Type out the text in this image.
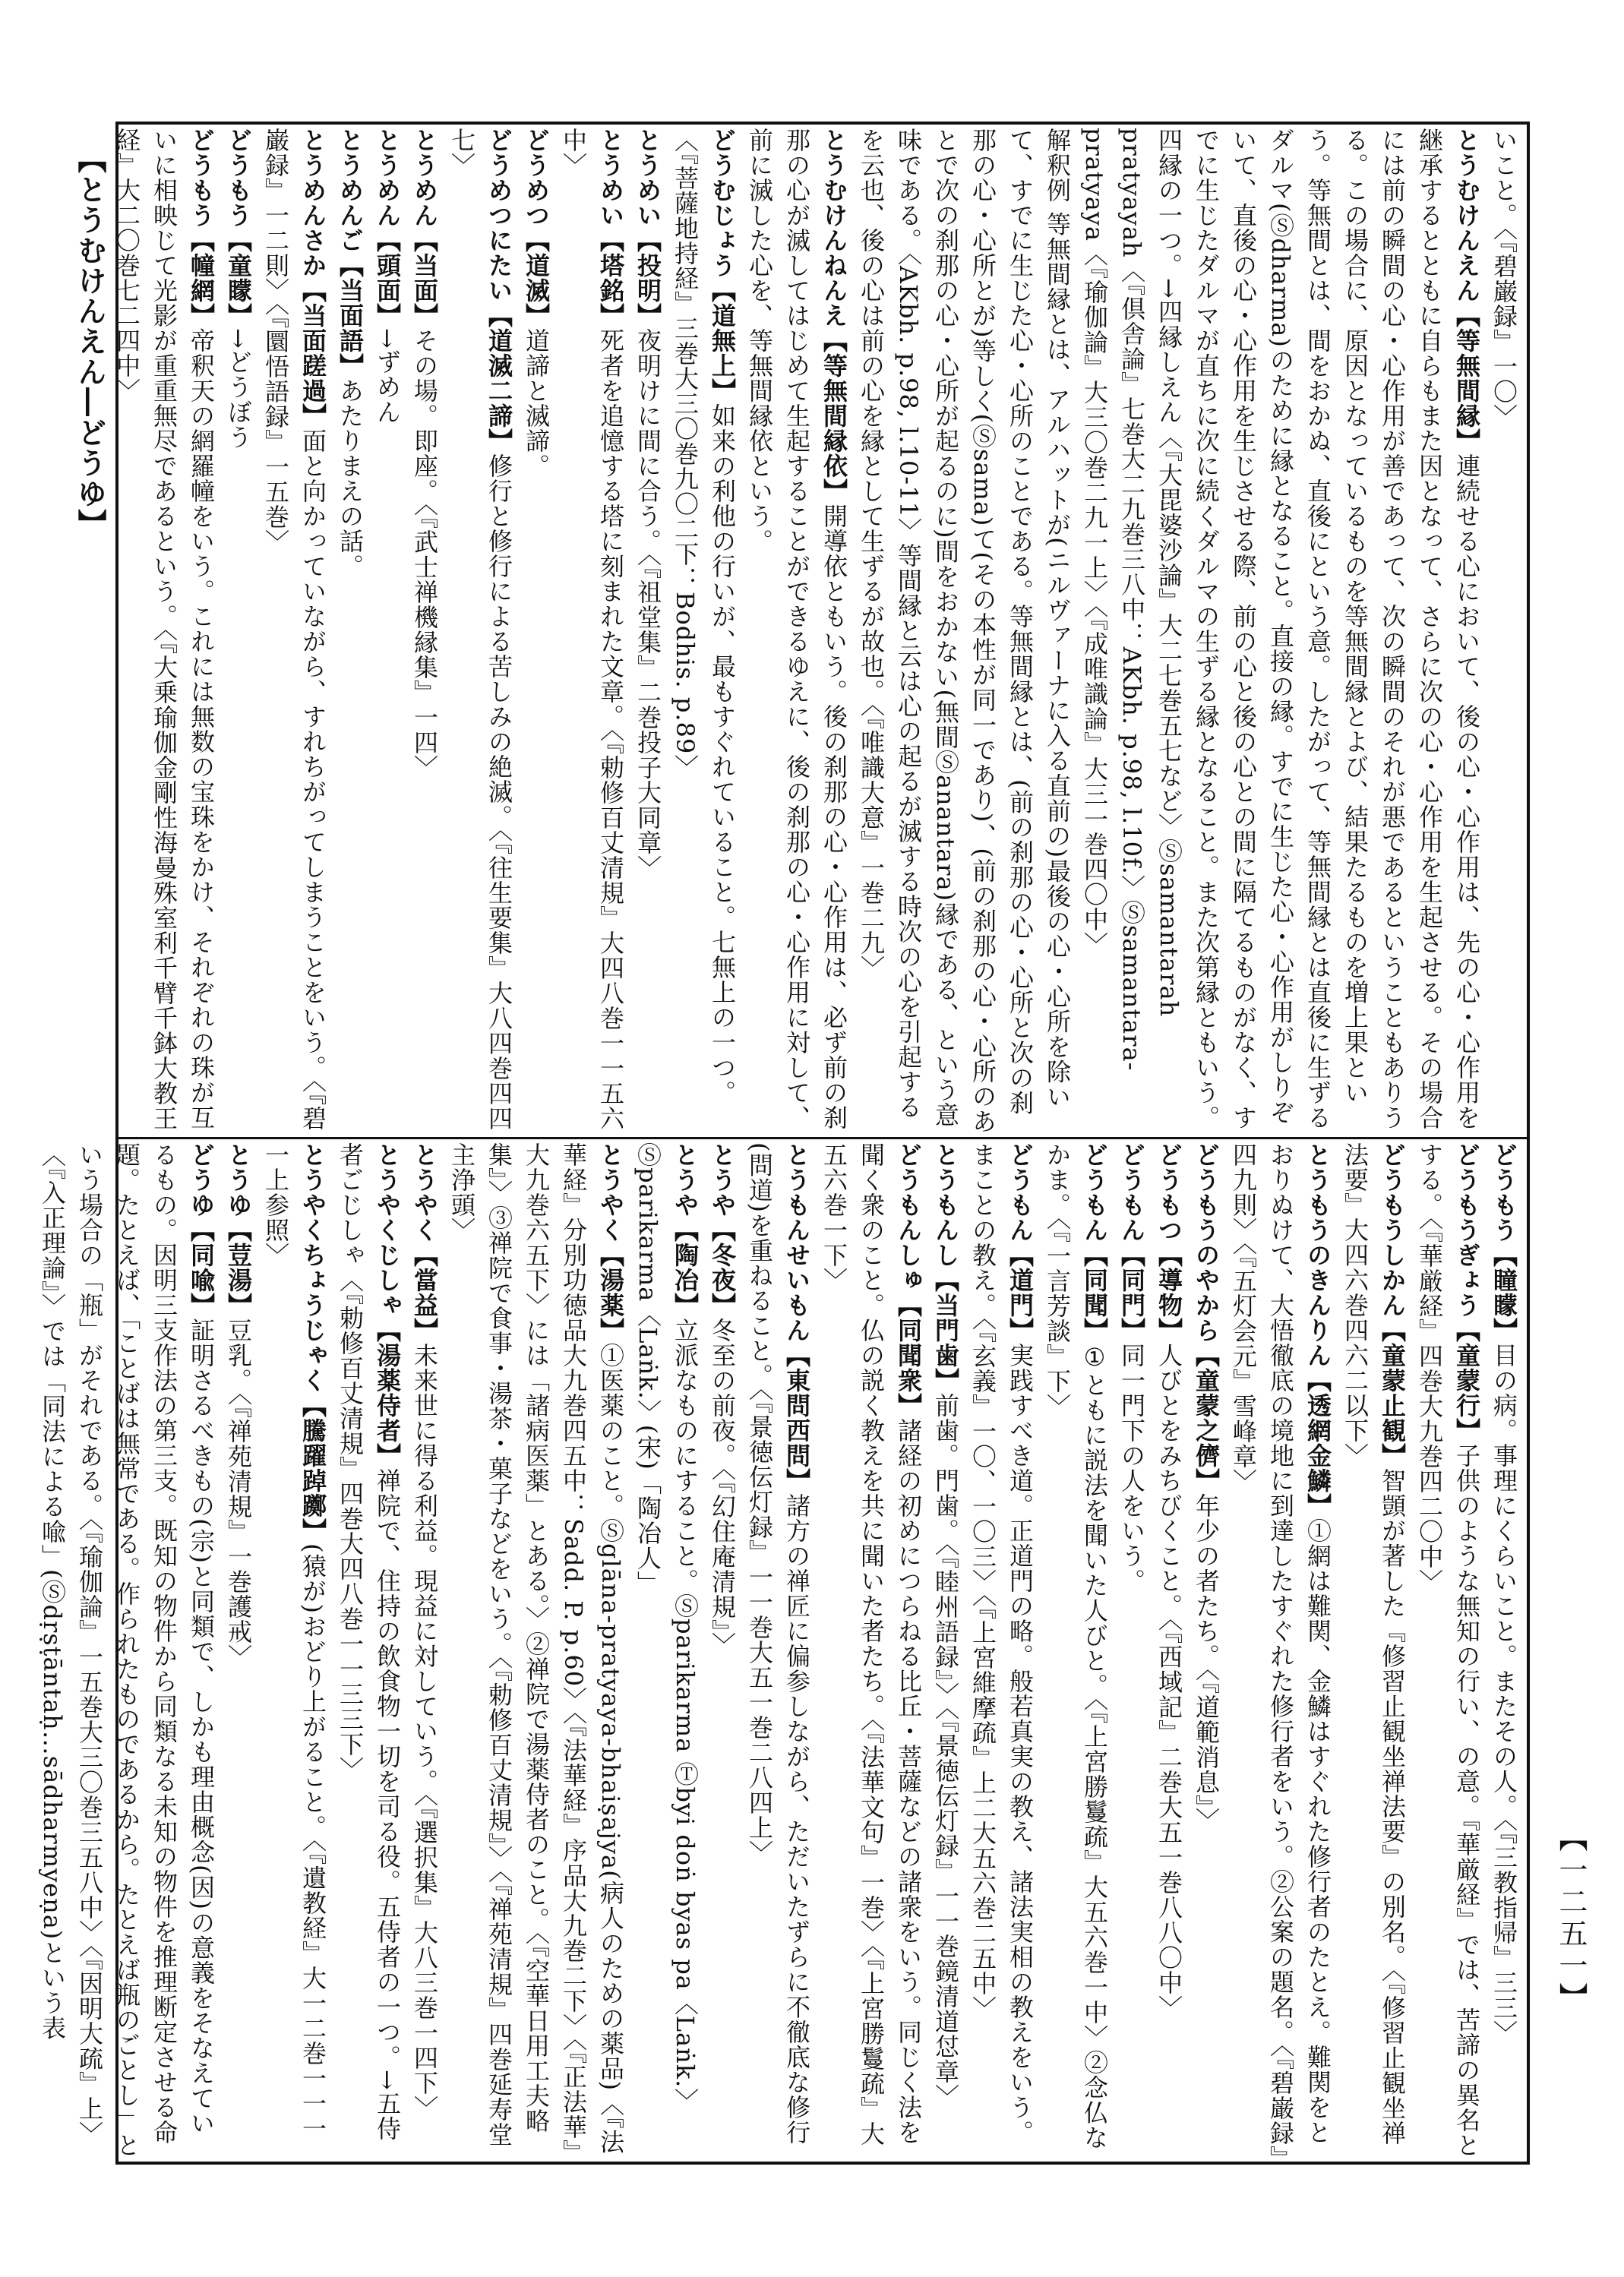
【とうむけんえん―どうゆ】
【一二五一】

いこと。〈『碧巌録』一〇〉

とうむけんえん【等無間縁】連続せる心において、後の心・心作用は、先の心・心作用を継承するとともに自らもまた因となって、さらに次の心・心作用を生起させる。その場合には前の瞬間の心・心作用が善であって、次の瞬間のそれが悪であるということもありうる。この場合に、原因となっているものを等無間縁とよび、結果たるものを増上果という。等無間とは、間をおかぬ、直後にという意。したがって、等無間縁とは直後に生ずるダルマ(Ⓢdharma)のために縁となること。直接の縁。すでに生じた心・心作用がしりぞいて、直後の心・心作用を生じさせる際、前の心と後の心との間に隔てるものがなく、すでに生じたダルマが直ちに次に続くダルマの生ずる縁となること。また次第縁ともいう。四縁の一つ。→四縁しえん〈『大毘婆沙論』大二七巻五七など〉Ⓢsamantarah pratyayah〈『倶舎論』七巻大二九巻三八中：AKbh. p.98, l.10f.〉Ⓢsamantara-pratyaya〈『瑜伽論』大三〇巻二九一上〉〈『成唯識論』大三一巻四〇中〉

解釈例 等無間縁とは、アルハットが(ニルヴァーナに入る直前の)最後の心・心所を除いて、すでに生じた心・心所のことである。等無間縁とは、(前の刹那の心・心所と次の刹那の心・心所とが)等しく(Ⓢsama)て(その本性が同一であり)、(前の刹那の心・心所のあとで次の刹那の心・心所が起るのに)間をおかない(無間Ⓢanantara)縁である、という意味である。〈AKbh. p.98, l.10-11〉等間縁と云は心の起るが滅する時次の心を引起するを云也、後の心は前の心を縁として生ずるが故也。〈『唯識大意』一巻二九〉

とうむけんねんえ【等無間縁依】開導依ともいう。後の刹那の心・心作用は、必ず前の刹那の心が滅してはじめて生起することができるゆえに、後の刹那の心・心作用に対して、前に滅した心を、等無間縁依という。

どうむじょう【道無上】如来の利他の行いが、最もすぐれていること。七無上の一つ。〈『菩薩地持経』三巻大三〇巻九〇二下：Bodhis. p.89〉

とうめい【投明】夜明けに間に合う。〈『祖堂集』二巻投子大同章〉

とうめい【塔銘】死者を追憶する塔に刻まれた文章。〈『勅修百丈清規』大四八巻一一五六中〉

どうめつ【道滅】道諦と滅諦。

どうめつにたい【道滅二諦】修行と修行による苦しみの絶滅。〈『往生要集』大八四巻四四七〉

とうめん【当面】その場。即座。〈『武士禅機縁集』一四〉

とうめん【頭面】→ずめん

とうめんご【当面語】あたりまえの話。

とうめんさか【当面蹉過】面と向かっていながら、すれちがってしまうことをいう。〈『碧巌録』一二則〉〈『圜悟語録』一五巻〉

どうもう【童矇】→どうぼう

どうもう【幢網】帝釈天の網羅幢をいう。これには無数の宝珠をかけ、それぞれの珠が互いに相映じて光影が重重無尽であるという。〈『大乗瑜伽金剛性海曼殊室利千臂千鉢大教王経』大二〇巻七二四中〉

どうもう【瞳矇】目の病。事理にくらいこと。またその人。〈『三教指帰』三三〉

どうもうぎょう【童蒙行】子供のような無知の行い、の意。『華厳経』では、苦諦の異名とする。〈『華厳経』四巻大九巻四二〇中〉

どうもうしかん【童蒙止観】智顗が著した『修習止観坐禅法要』の別名。〈『修習止観坐禅法要』大四六巻四六二以下〉

とうもうのきんりん【透網金鱗】①網は難関、金鱗はすぐれた修行者のたとえ。難関をとおりぬけて、大悟徹底の境地に到達したすぐれた修行者をいう。②公案の題名。〈『碧巌録』四九則〉〈『五灯会元』雪峰章〉

どうもうのやから【童蒙之儕】年少の者たち。〈『道範消息』〉

どうもつ【導物】人びとをみちびくこと。〈『西域記』二巻大五一巻八八〇中〉

どうもん【同門】同一門下の人をいう。

どうもん【同聞】①ともに説法を聞いた人びと。〈『上宮勝鬘疏』大五六巻一中〉②念仏なかま。〈『一言芳談』下〉

どうもん【道門】実践すべき道。正道門の略。般若真実の教え、諸法実相の教えをいう。まことの教え。〈『玄義』一〇、一〇三〉〈『上宮維摩疏』上二大五六巻二五中〉

とうもんし【当門歯】前歯。門歯。〈『睦州語録』〉〈『景徳伝灯録』一一巻鏡清道怤章〉

どうもんしゅ【同聞衆】諸経の初めにつらねる比丘・菩薩などの諸衆をいう。同じく法を聞く衆のこと。仏の説く教えを共に聞いた者たち。〈『法華文句』一巻〉〈『上宮勝鬘疏』大五六巻一下〉

とうもんせいもん【東問西問】諸方の禅匠に偏参しながら、ただいたずらに不徹底な修行(問道)を重ねること。〈『景徳伝灯録』一一巻大五一巻二八四上〉

とうや【冬夜】冬至の前夜。〈『幻住庵清規』〉

とうや【陶冶】立派なものにすること。Ⓢparikarma Ⓣbyi doṅ byas pa〈Laṅk.〉Ⓢparikarma〈Laṅk.〉(宋)「陶冶人」

とうやく【湯薬】①医薬のこと。Ⓢglāna-pratyaya-bhaiṣajya(病人のための薬品)〈『法華経』分別功徳品大九巻四五中：Sadd. P. p.60〉〈『法華経』序品大九巻二下〉〈『正法華』大九巻六五下〉には「諸病医薬」とある。〉②禅院で湯薬侍者のこと。〈『空華日用工夫略集』〉③禅院で食事・湯茶・菓子などをいう。〈『勅修百丈清規』〉〈『禅苑清規』四巻延寿堂主浄頭〉

とうやく【當益】未来世に得る利益。現益に対していう。〈『選択集』大八三巻一四下〉

とうやくじしゃ【湯薬侍者】禅院で、住持の飲食物一切を司る役。五侍者の一つ。→五侍者ごじしゃ〈『勅修百丈清規』四巻大四八巻一一三三下〉

とうやくちょうじゃく【騰躍踔躑】(猿が)おどり上がること。〈『遺教経』大一二巻一一一一上参照〉

とうゆ【荳湯】豆乳。〈『禅苑清規』一巻護戒〉

どうゆ【同喩】証明さるべきもの(宗)と同類で、しかも理由概念(因)の意義をそなえているもの。因明三支作法の第三支。既知の物件から同類なる未知の物件を推理断定させる命題。たとえば、「ことばは無常である。作られたものであるから。たとえば瓶のごとし」という場合の「瓶」がそれである。〈『瑜伽論』一五巻大三〇巻三五八中〉〈『因明大疏』上〉〈『入正理論』〉では「同法による喩」(Ⓢdṛṣṭāntaḥ…sādharmyeṇa)という表
